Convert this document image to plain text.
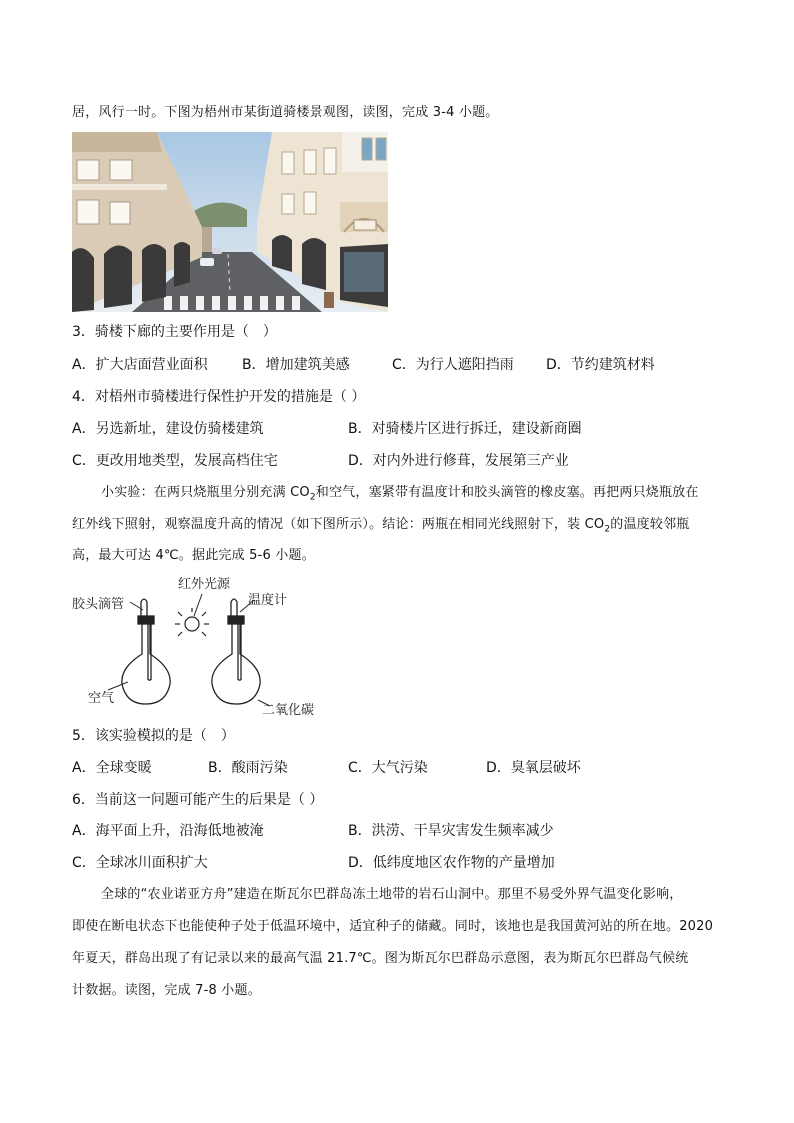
居，风行一时。下图为梧州市某街道骑楼景观图，读图，完成 3-4 小题。
3．骑楼下廊的主要作用是（　）
A．扩大店面营业面积 B．增加建筑美感	C．为行人遮阳挡雨 D．节约建筑材料
4．对梧州市骑楼进行保性护开发的措施是（ ）
A．另选新址，建设仿骑楼建筑	B．对骑楼片区进行拆迁，建设新商圈
C．更改用地类型，发展高档住宅	D．对内外进行修葺，发展第三产业
小实验：在两只烧瓶里分别充满 $CO_2$和空气，塞紧带有温度计和胶头滴管的橡皮塞。再把两只烧瓶放在
红外线下照射，观察温度升高的情况（如下图所示）。结论：两瓶在相同光线照射下，装 $CO_2$的温度较邻瓶
高，最大可达 4℃。据此完成 5-6 小题。
胶头滴管
红外光源
温度计
空气
二氧化碳
5．该实验模拟的是（　）
A．全球变暖	B．酸雨污染	C．大气污染	D．臭氧层破坏
6．当前这一问题可能产生的后果是（ ）
A．海平面上升，沿海低地被淹	B．洪涝、干旱灾害发生频率减少
C．全球冰川面积扩大	D．低纬度地区农作物的产量增加
全球的“农业诺亚方舟”建造在斯瓦尔巴群岛冻土地带的岩石山洞中。那里不易受外界气温变化影响，
即使在断电状态下也能使种子处于低温环境中，适宜种子的储藏。同时，该地也是我国黄河站的所在地。2020
年夏天，群岛出现了有记录以来的最高气温 21.7℃。图为斯瓦尔巴群岛示意图，表为斯瓦尔巴群岛气候统
计数据。读图，完成 7-8 小题。
